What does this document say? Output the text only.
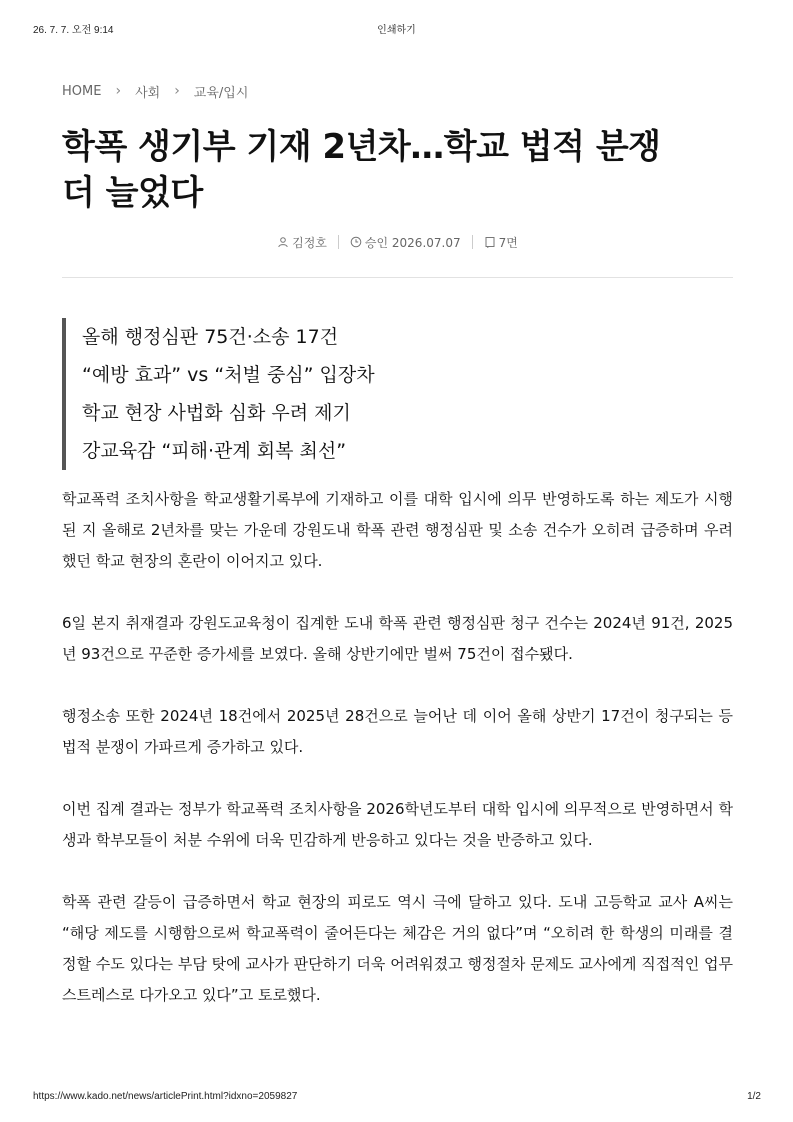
26. 7. 7. 오전 9:14	인쇄하기
HOME › 사회 › 교육/입시
학폭 생기부 기재 2년차…학교 법적 분쟁
더 늘었다
김정호	승인 2026.07.07	7면
올해 행정심판 75건·소송 17건
“예방 효과” vs “처벌 중심” 입장차
학교 현장 사법화 심화 우려 제기
강교육감 “피해·관계 회복 최선”

학교폭력 조치사항을 학교생활기록부에 기재하고 이를 대학 입시에 의무 반영하도록 하는 제도가 시행된 지 올해로 2년차를 맞는 가운데 강원도내 학폭 관련 행정심판 및 소송 건수가 오히려 급증하며 우려했던 학교 현장의 혼란이 이어지고 있다.

6일 본지 취재결과 강원도교육청이 집계한 도내 학폭 관련 행정심판 청구 건수는 2024년 91건, 2025년 93건으로 꾸준한 증가세를 보였다. 올해 상반기에만 벌써 75건이 접수됐다.

행정소송 또한 2024년 18건에서 2025년 28건으로 늘어난 데 이어 올해 상반기 17건이 청구되는 등 법적 분쟁이 가파르게 증가하고 있다.

이번 집계 결과는 정부가 학교폭력 조치사항을 2026학년도부터 대학 입시에 의무적으로 반영하면서 학생과 학부모들이 처분 수위에 더욱 민감하게 반응하고 있다는 것을 반증하고 있다.

학폭 관련 갈등이 급증하면서 학교 현장의 피로도 역시 극에 달하고 있다. 도내 고등학교 교사 A씨는 “해당 제도를 시행함으로써 학교폭력이 줄어든다는 체감은 거의 없다”며 “오히려 한 학생의 미래를 결정할 수도 있다는 부담 탓에 교사가 판단하기 더욱 어려워졌고 행정절차 문제도 교사에게 직접적인 업무 스트레스로 다가오고 있다”고 토로했다.

https://www.kado.net/news/articlePrint.html?idxno=2059827	1/2
